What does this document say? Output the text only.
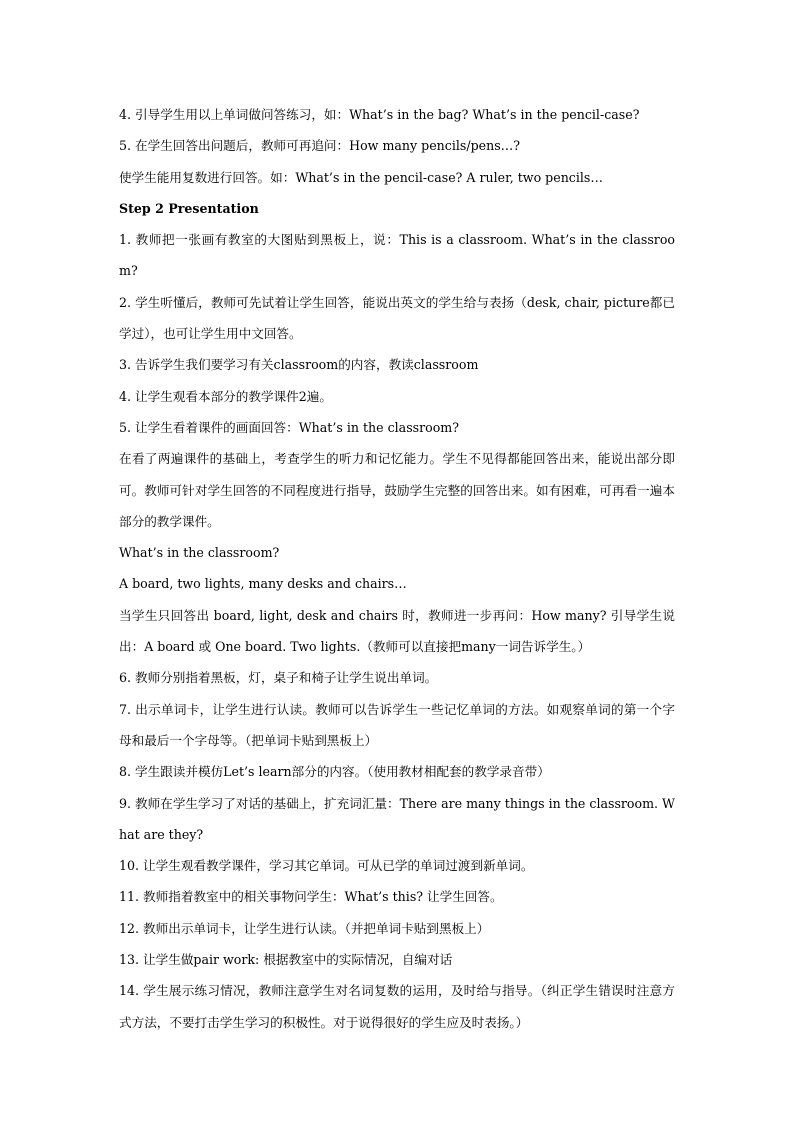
4. 引导学生用以上单词做问答练习，如：What’s in the bag? What’s in the pencil-case?

5. 在学生回答出问题后，教师可再追问：How many pencils/pens…?

使学生能用复数进行回答。如：What’s in the pencil-case? A ruler, two pencils…

Step 2 Presentation

1. 教师把一张画有教室的大图贴到黑板上，说：This is a classroom. What’s in the classroom?

2. 学生听懂后，教师可先试着让学生回答，能说出英文的学生给与表扬（desk, chair, picture都已学过），也可让学生用中文回答。

3. 告诉学生我们要学习有关classroom的内容，教读classroom

4. 让学生观看本部分的教学课件2遍。

5. 让学生看着课件的画面回答：What’s in the classroom?

在看了两遍课件的基础上，考查学生的听力和记忆能力。学生不见得都能回答出来，能说出部分即可。教师可针对学生回答的不同程度进行指导，鼓励学生完整的回答出来。如有困难，可再看一遍本部分的教学课件。

What’s in the classroom?

A board, two lights, many desks and chairs…

当学生只回答出 board, light, desk and chairs 时，教师进一步再问：How many? 引导学生说出：A board 或 One board. Two lights.（教师可以直接把many一词告诉学生。）

6. 教师分别指着黑板，灯，桌子和椅子让学生说出单词。

7. 出示单词卡，让学生进行认读。教师可以告诉学生一些记忆单词的方法。如观察单词的第一个字母和最后一个字母等。（把单词卡贴到黑板上）

8. 学生跟读并模仿Let’s learn部分的内容。（使用教材相配套的教学录音带）

9. 教师在学生学习了对话的基础上，扩充词汇量：There are many things in the classroom. What are they?

10. 让学生观看教学课件，学习其它单词。可从已学的单词过渡到新单词。

11. 教师指着教室中的相关事物问学生：What’s this? 让学生回答。

12. 教师出示单词卡，让学生进行认读。（并把单词卡贴到黑板上）

13. 让学生做pair work: 根据教室中的实际情况，自编对话

14. 学生展示练习情况，教师注意学生对名词复数的运用，及时给与指导。（纠正学生错误时注意方式方法，不要打击学生学习的积极性。对于说得很好的学生应及时表扬。）
